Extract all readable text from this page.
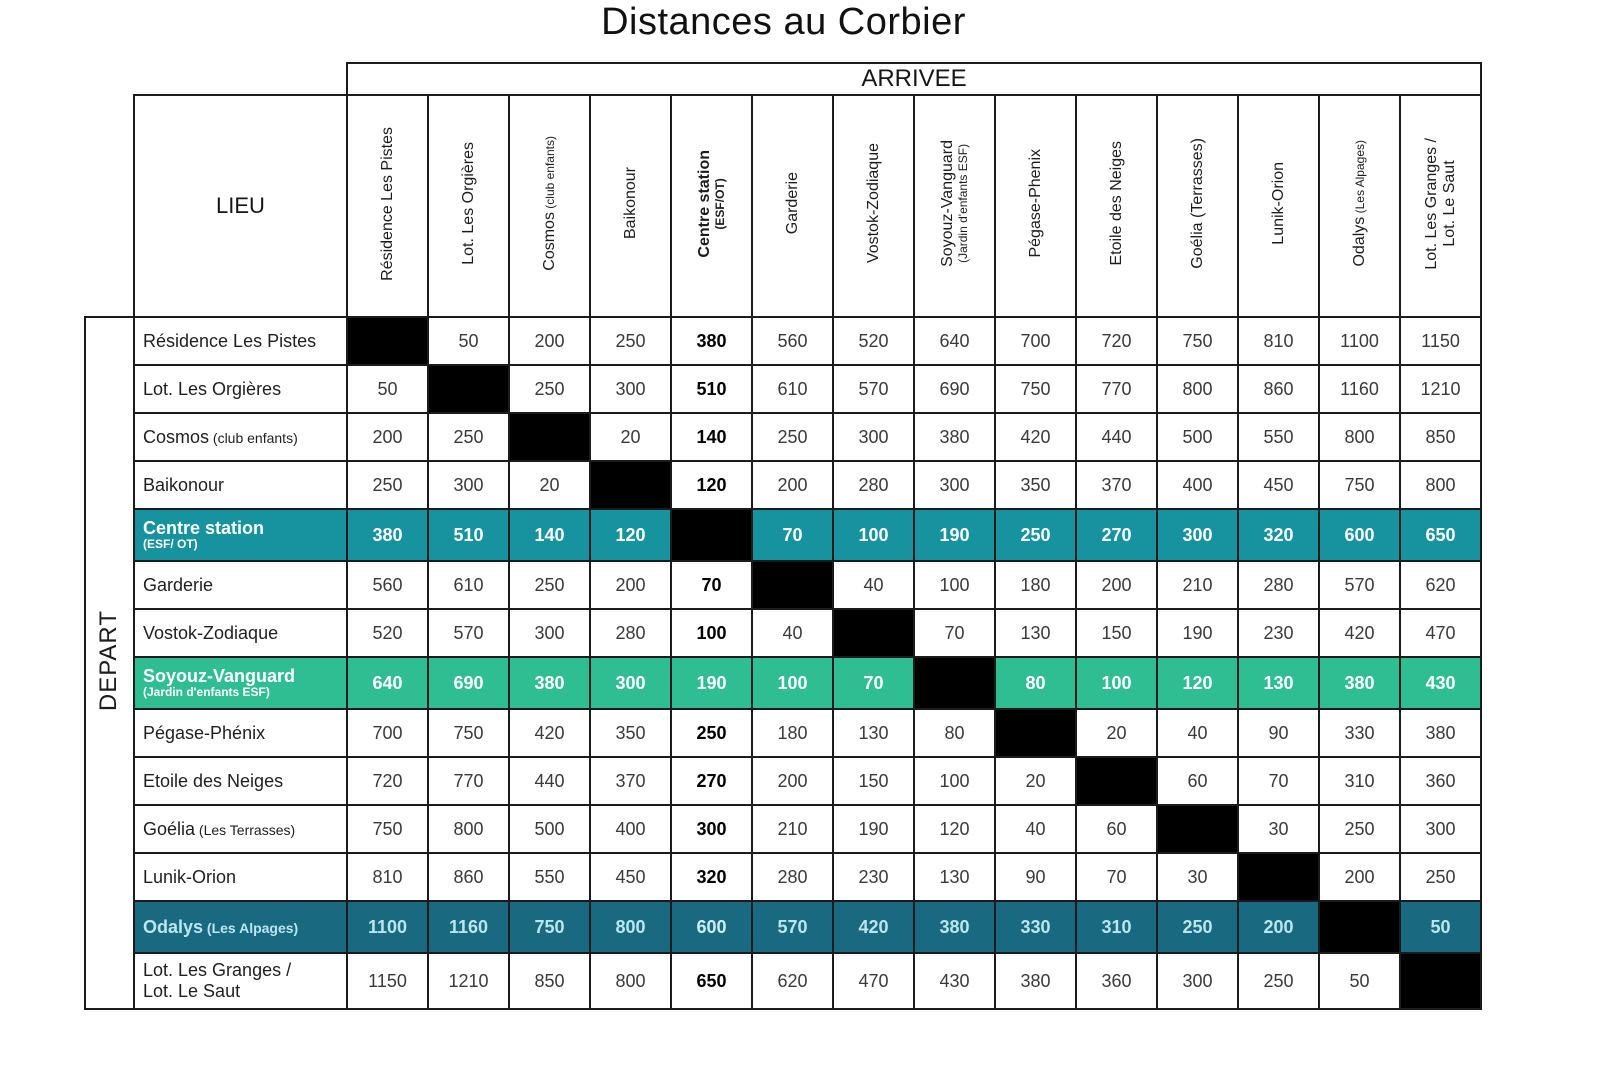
Distances au Corbier
		ARRIVEE													
	LIEU	Résidence Les Pistes	Lot. Les Orgières	Cosmos (club enfants)	Baikonour	Centre station (ESF/OT)	Garderie	Vostok-Zodiaque	Soyouz-Vanguard (Jardin d'enfants ESF)	Pégase-Phenix	Etoile des Neiges	Goélia (Terrasses)	Lunik-Orion	Odalys (Les Alpages)	Lot. Les Granges / Lot. Le Saut

DEPART	Résidence Les Pistes		50	200	250	380	560	520	640	700	720	750	810	1100	1150
	Lot. Les Orgières	50		250	300	510	610	570	690	750	770	800	860	1160	1210
	Cosmos (club enfants)	200	250		20	140	250	300	380	420	440	500	550	800	850
	Baikonour	250	300	20		120	200	280	300	350	370	400	450	750	800
	Centre station
(ESF/ OT)	380	510	140	120		70	100	190	250	270	300	320	600	650
	Garderie	560	610	250	200	70		40	100	180	200	210	280	570	620
	Vostok-Zodiaque	520	570	300	280	100	40		70	130	150	190	230	420	470
	Soyouz-Vanguard
(Jardin d'enfants ESF)	640	690	380	300	190	100	70		80	100	120	130	380	430
	Pégase-Phénix	700	750	420	350	250	180	130	80		20	40	90	330	380
	Etoile des Neiges	720	770	440	370	270	200	150	100	20		60	70	310	360
	Goélia (Les Terrasses)	750	800	500	400	300	210	190	120	40	60		30	250	300
	Lunik-Orion	810	860	550	450	320	280	230	130	90	70	30		200	250
	Odalys (Les Alpages)	1100	1160	750	800	600	570	420	380	330	310	250	200		50
	Lot. Les Granges /
Lot. Le Saut	1150	1210	850	800	650	620	470	430	380	360	300	250	50	
